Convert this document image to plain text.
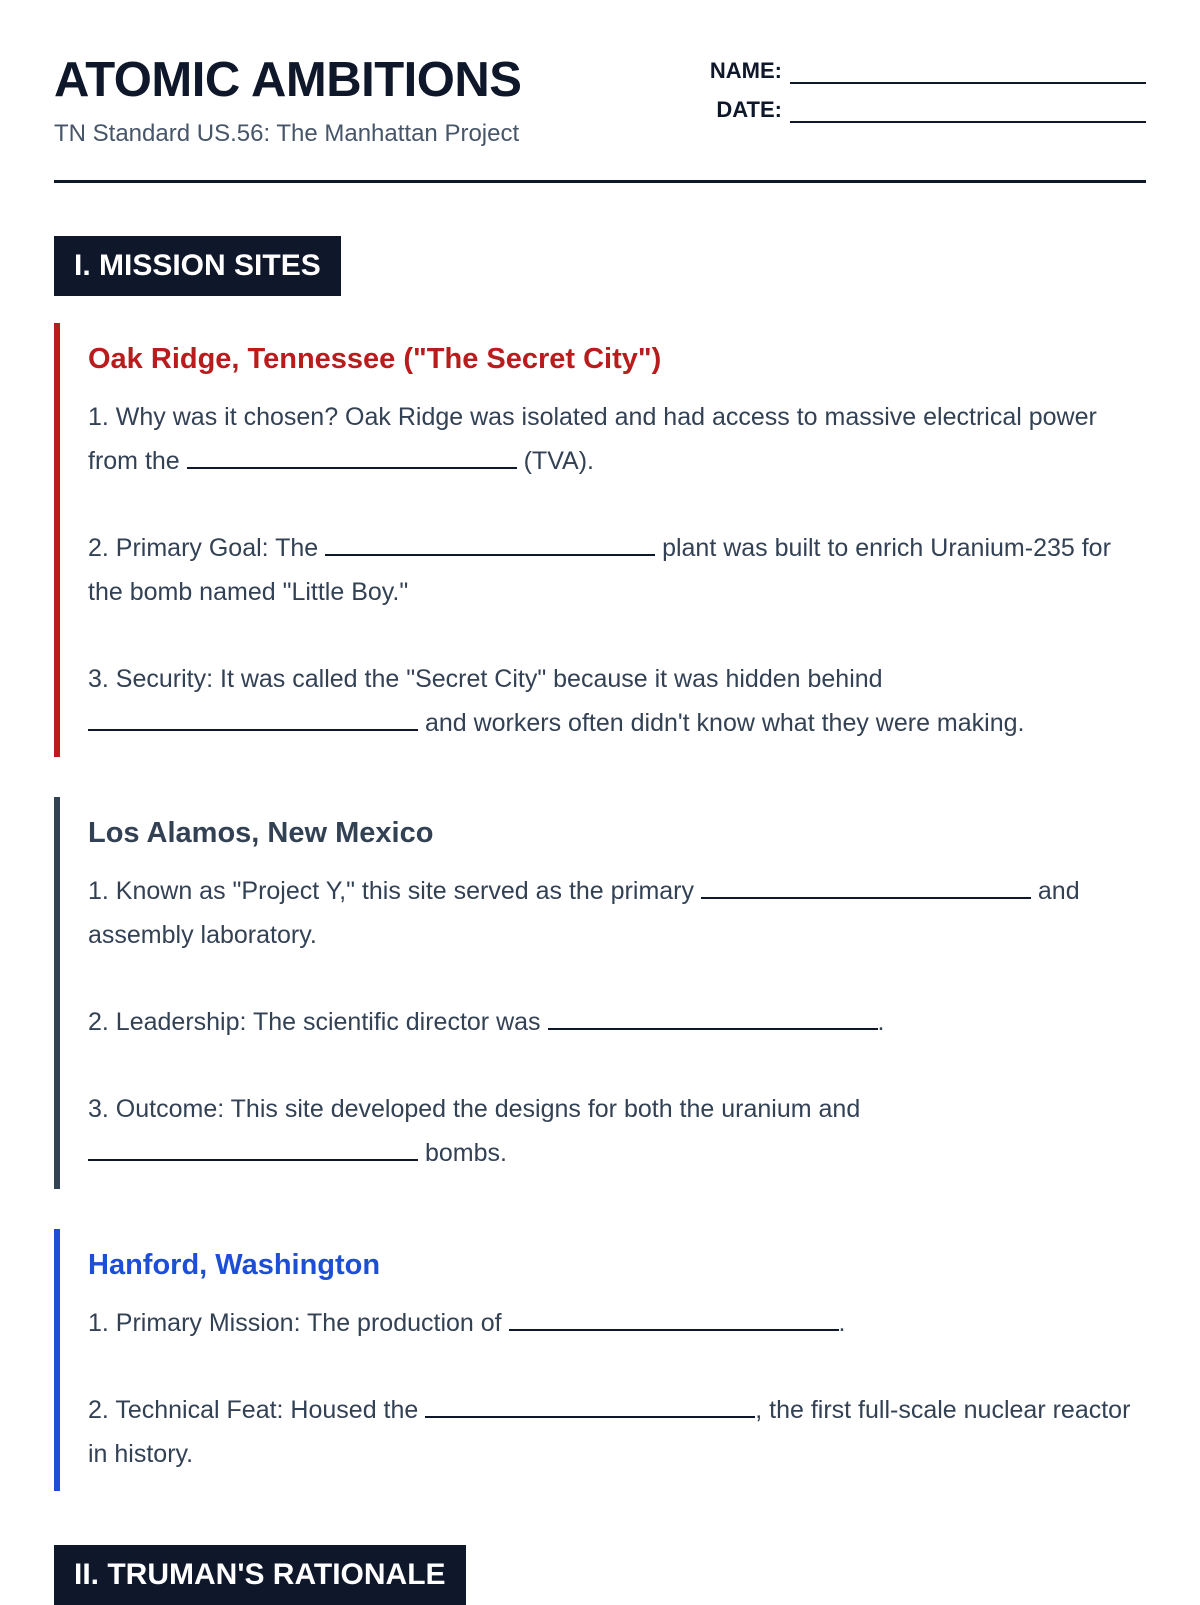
ATOMIC AMBITIONS
TN Standard US.56: The Manhattan Project
NAME:
DATE:
I. MISSION SITES
Oak Ridge, Tennessee ("The Secret City")

1. Why was it chosen? Oak Ridge was isolated and had access to massive electrical power from the	(TVA).

2. Primary Goal: The	plant was built to enrich Uranium-235 for the bomb named "Little Boy."

3. Security: It was called the "Secret City" because it was hidden behind  and workers often didn't know what they were making.

Los Alamos, New Mexico

1. Known as "Project Y," this site served as the primary	and assembly laboratory.

2. Leadership: The scientific director was	.

3. Outcome: This site developed the designs for both the uranium and  bombs.

Hanford, Washington

1. Primary Mission: The production of	.

2. Technical Feat: Housed the	, the first full-scale nuclear reactor in history.

II. TRUMAN'S RATIONALE
